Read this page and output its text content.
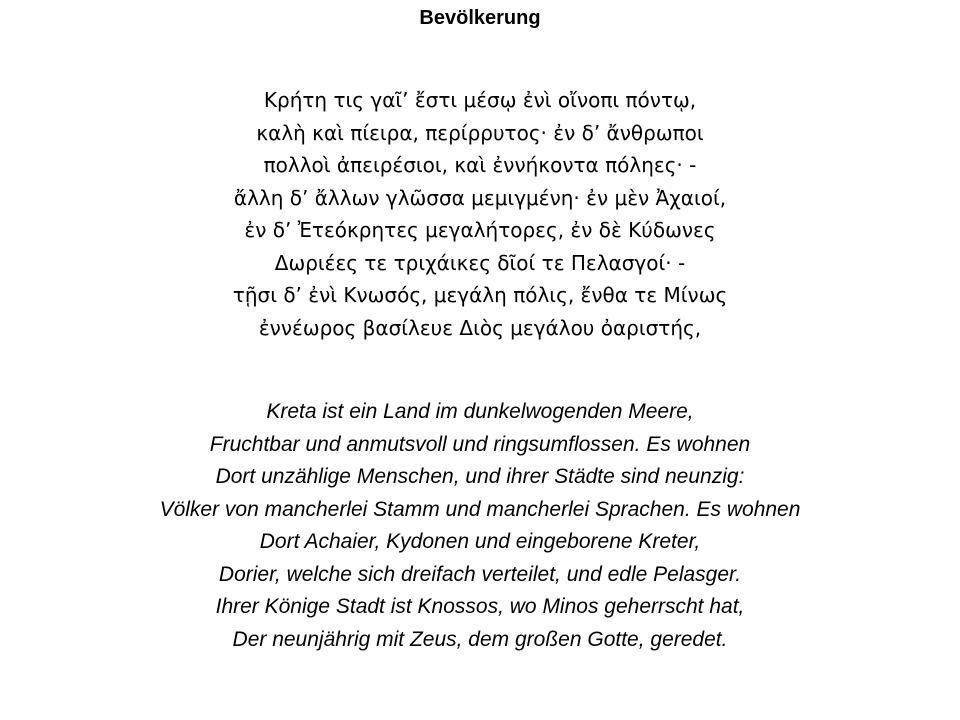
Bevölkerung
Κρήτη τις γαῖ’ ἔστι μέσῳ ἐνὶ οἴνοπι πόντῳ,
καλὴ καὶ πίειρα, περίρρυτος· ἐν δ’ ἄνθρωποι
πολλοὶ ἀπειρέσιοι, καὶ ἐννήκοντα πόληες· -
ἄλλη δ’ ἄλλων γλῶσσα μεμιγμένη· ἐν μὲν Ἀχαιοί,
ἐν δ’ Ἐτεόκρητες μεγαλήτορες, ἐν δὲ Κύδωνες
Δωριέες τε τριχάικες δῖοί τε Πελασγοί· -
τῇσι δ’ ἐνὶ Κνωσός, μεγάλη πόλις, ἔνθα τε Μίνως
ἐννέωρος βασίλευε Διὸς μεγάλου ὀαριστής,
Kreta ist ein Land im dunkelwogenden Meere,
Fruchtbar und anmutsvoll und ringsumflossen. Es wohnen
Dort unzählige Menschen, und ihrer Städte sind neunzig:
Völker von mancherlei Stamm und mancherlei Sprachen. Es wohnen
Dort Achaier, Kydonen und eingeborene Kreter,
Dorier, welche sich dreifach verteilet, und edle Pelasger.
Ihrer Könige Stadt ist Knossos, wo Minos geherrscht hat,
Der neunjährig mit Zeus, dem großen Gotte, geredet.
